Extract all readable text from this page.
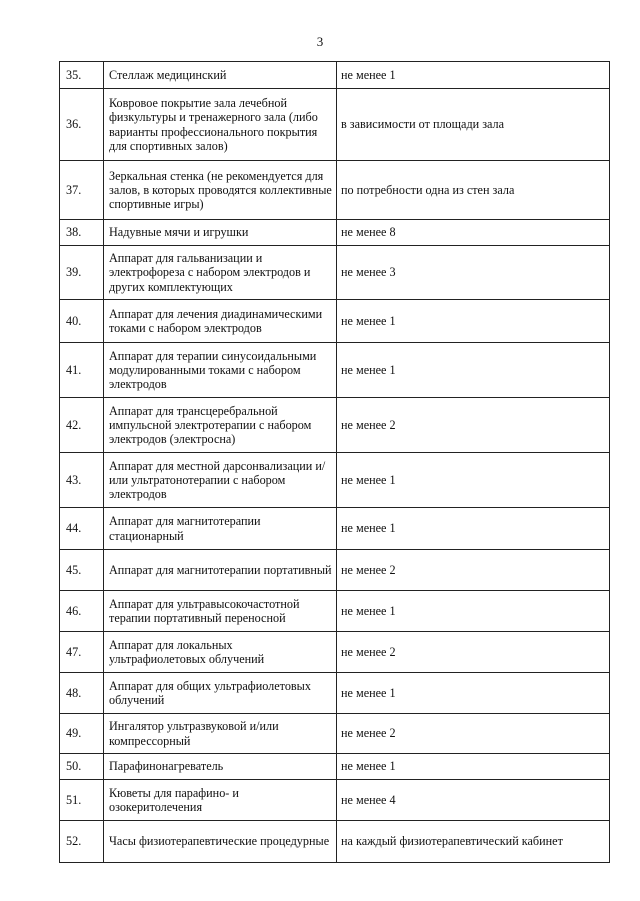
3
35.	Стеллаж медицинский	не менее 1
36.	Ковровое покрытие зала лечебной физкультуры и тренажерного зала (либо варианты профессионального покрытия для спортивных залов)	в зависимости от площади зала
37.	Зеркальная стенка (не рекомендуется для залов, в которых проводятся коллективные спортивные игры)	по потребности одна из стен зала
38.	Надувные мячи и игрушки	не менее 8
39.	Аппарат для гальванизации и электрофореза с набором электродов и других комплектующих	не менее 3
40.	Аппарат для лечения диадинамическими токами с набором электродов	не менее 1
41.	Аппарат для терапии синусоидальными модулированными токами с набором электродов	не менее 1
42.	Аппарат для трансцеребральной импульсной электротерапии с набором электродов (электросна)	не менее 2
43.	Аппарат для местной дарсонвализации и/или ультратонотерапии с набором электродов	не менее 1
44.	Аппарат для магнитотерапии стационарный	не менее 1
45.	Аппарат для магнитотерапии портативный	не менее 2
46.	Аппарат для ультравысокочастотной терапии портативный переносной	не менее 1
47.	Аппарат для локальных ультрафиолетовых облучений	не менее 2
48.	Аппарат для общих ультрафиолетовых облучений	не менее 1
49.	Ингалятор ультразвуковой и/или компрессорный	не менее 2
50.	Парафинонагреватель	не менее 1
51.	Кюветы для парафино- и озокеритолечения	не менее 4
52.	Часы физиотерапевтические процедурные	на каждый физиотерапевтический кабинет
